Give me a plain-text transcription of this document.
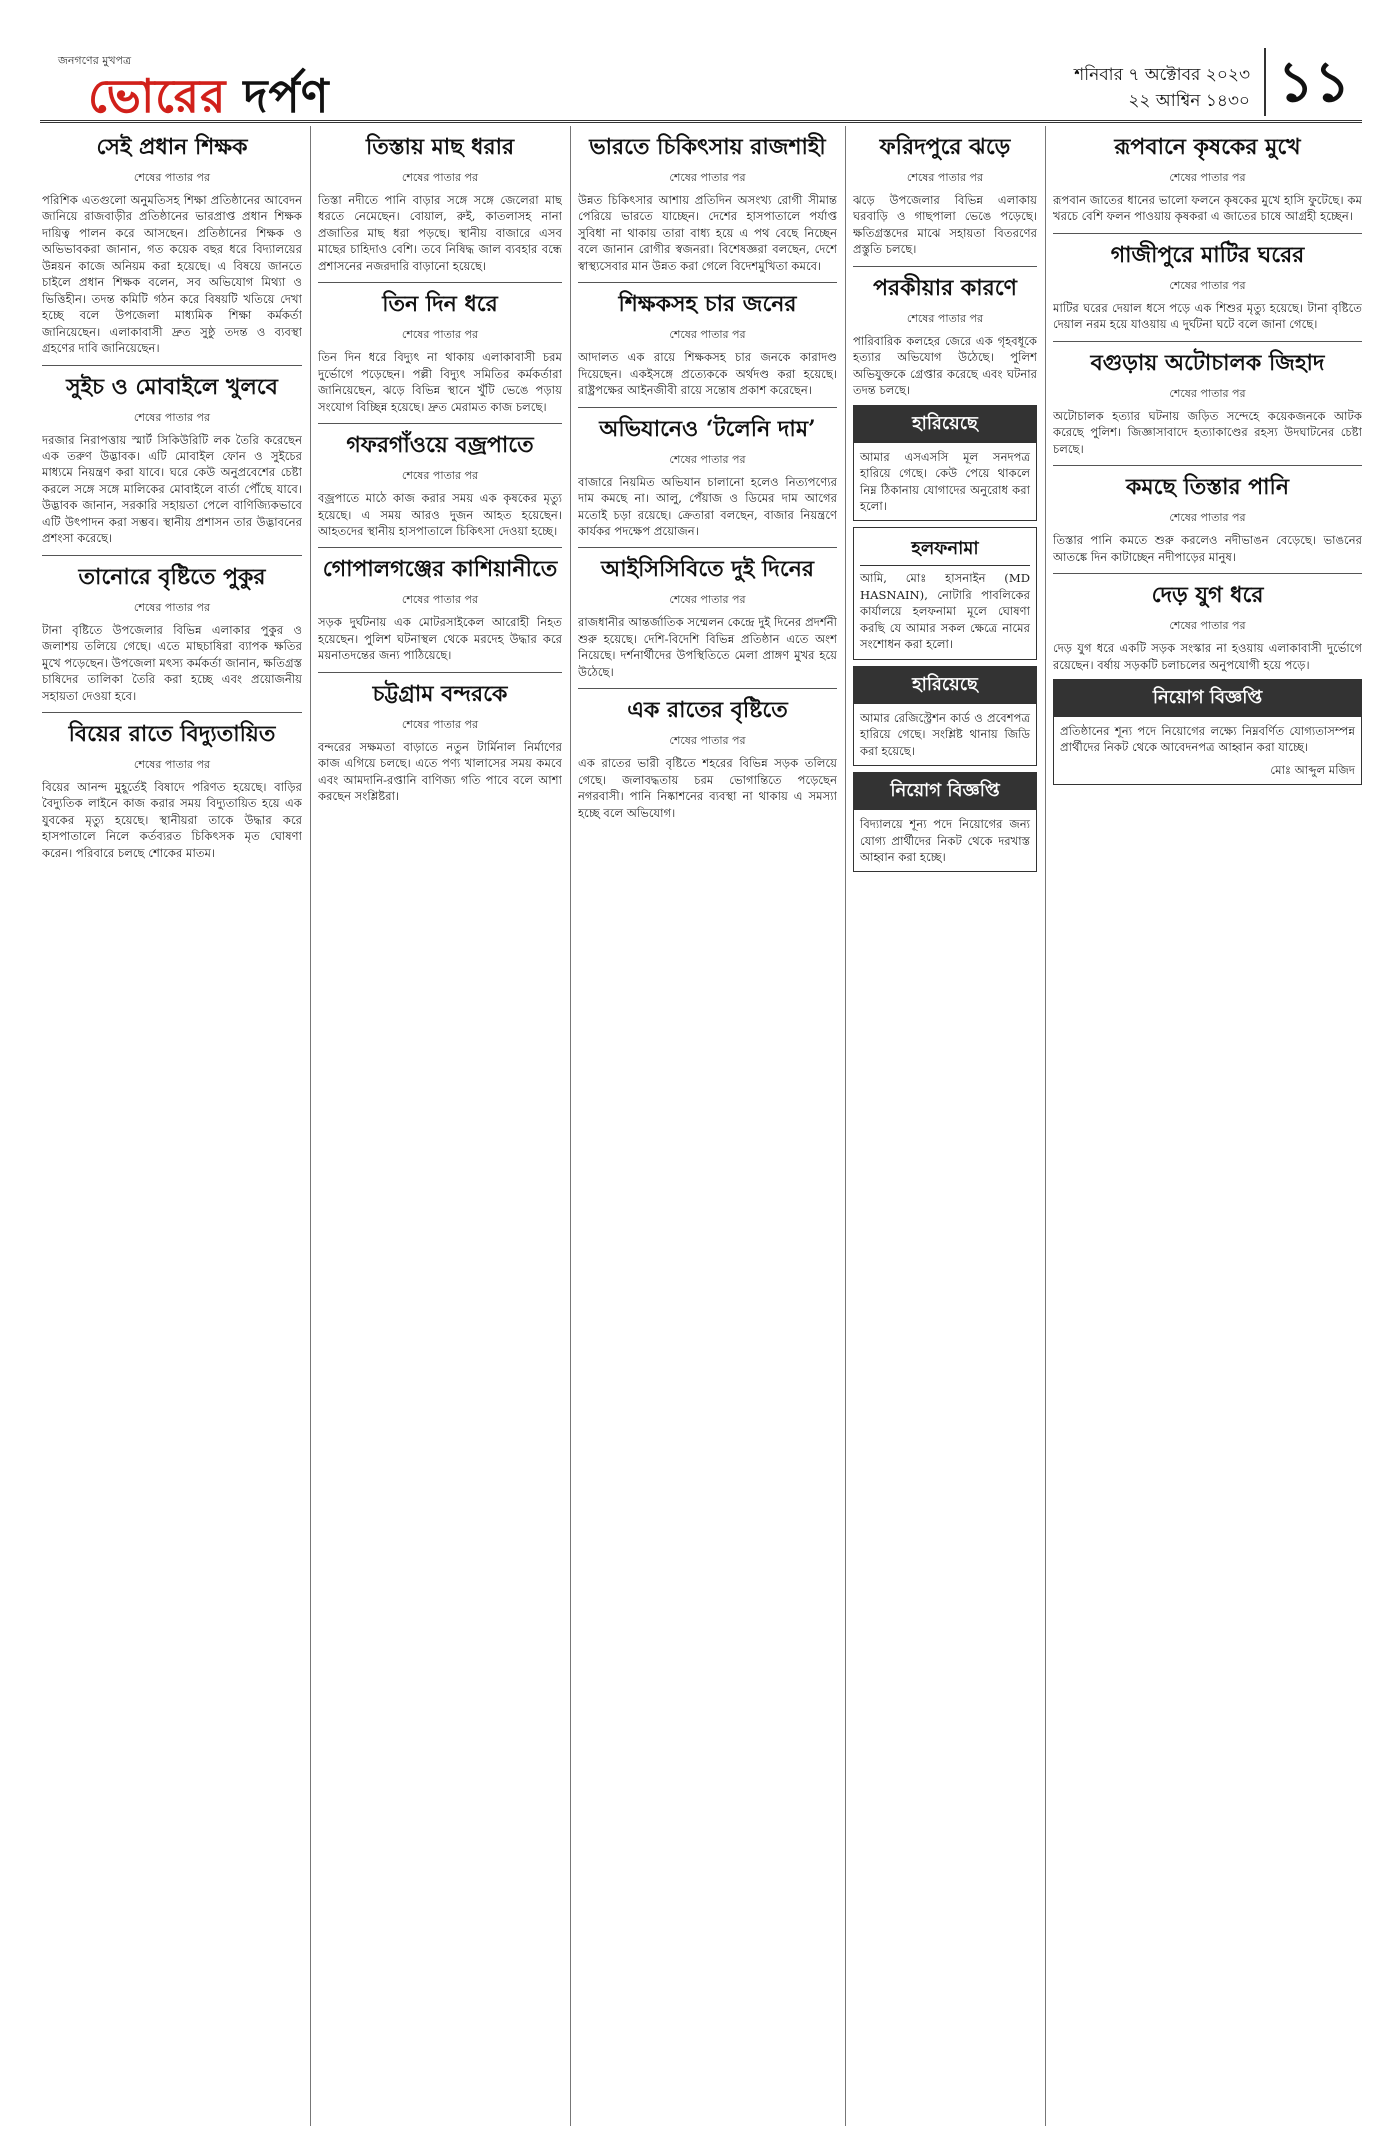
জনগণের মুখপত্র
ভোরের দর্পণ	শনিবার ৭ অক্টোবর ২০২৩
২২ আশ্বিন ১৪৩০ ১১
সেই প্রধান শিক্ষক
শেষের পাতার পর
পরিশিক এতগুলো অনুমতিসহ শিক্ষা প্রতিষ্ঠানের আবেদন জানিয়ে রাজবাড়ীর প্রতিষ্ঠানের ভারপ্রাপ্ত প্রধান শিক্ষক দায়িত্ব পালন করে আসছেন। প্রতিষ্ঠানের শিক্ষক ও অভিভাবকরা জানান, গত কয়েক বছর ধরে বিদ্যালয়ের উন্নয়ন কাজে অনিয়ম করা হয়েছে। এ বিষয়ে জানতে চাইলে প্রধান শিক্ষক বলেন, সব অভিযোগ মিথ্যা ও ভিত্তিহীন। তদন্ত কমিটি গঠন করে বিষয়টি খতিয়ে দেখা হচ্ছে বলে উপজেলা মাধ্যমিক শিক্ষা কর্মকর্তা জানিয়েছেন। এলাকাবাসী দ্রুত সুষ্ঠু তদন্ত ও ব্যবস্থা গ্রহণের দাবি জানিয়েছেন।
সুইচ ও মোবাইলে খুলবে
শেষের পাতার পর
দরজার নিরাপত্তায় স্মার্ট সিকিউরিটি লক তৈরি করেছেন এক তরুণ উদ্ভাবক। এটি মোবাইল ফোন ও সুইচের মাধ্যমে নিয়ন্ত্রণ করা যাবে। ঘরে কেউ অনুপ্রবেশের চেষ্টা করলে সঙ্গে সঙ্গে মালিকের মোবাইলে বার্তা পৌঁছে যাবে। উদ্ভাবক জানান, সরকারি সহায়তা পেলে বাণিজ্যিকভাবে এটি উৎপাদন করা সম্ভব। স্থানীয় প্রশাসন তার উদ্ভাবনের প্রশংসা করেছে।
তানোরে বৃষ্টিতে পুকুর
শেষের পাতার পর
টানা বৃষ্টিতে উপজেলার বিভিন্ন এলাকার পুকুর ও জলাশয় তলিয়ে গেছে। এতে মাছচাষিরা ব্যাপক ক্ষতির মুখে পড়েছেন। উপজেলা মৎস্য কর্মকর্তা জানান, ক্ষতিগ্রস্ত চাষিদের তালিকা তৈরি করা হচ্ছে এবং প্রয়োজনীয় সহায়তা দেওয়া হবে।
বিয়ের রাতে বিদ্যুতায়িত
শেষের পাতার পর
বিয়ের আনন্দ মুহূর্তেই বিষাদে পরিণত হয়েছে। বাড়ির বৈদ্যুতিক লাইনে কাজ করার সময় বিদ্যুতায়িত হয়ে এক যুবকের মৃত্যু হয়েছে। স্থানীয়রা তাকে উদ্ধার করে হাসপাতালে নিলে কর্তব্যরত চিকিৎসক মৃত ঘোষণা করেন। পরিবারে চলছে শোকের মাতম।
তিস্তায় মাছ ধরার
শেষের পাতার পর
তিস্তা নদীতে পানি বাড়ার সঙ্গে সঙ্গে জেলেরা মাছ ধরতে নেমেছেন। বোয়াল, রুই, কাতলাসহ নানা প্রজাতির মাছ ধরা পড়ছে। স্থানীয় বাজারে এসব মাছের চাহিদাও বেশি। তবে নিষিদ্ধ জাল ব্যবহার বন্ধে প্রশাসনের নজরদারি বাড়ানো হয়েছে।
তিন দিন ধরে
শেষের পাতার পর
তিন দিন ধরে বিদ্যুৎ না থাকায় এলাকাবাসী চরম দুর্ভোগে পড়েছেন। পল্লী বিদ্যুৎ সমিতির কর্মকর্তারা জানিয়েছেন, ঝড়ে বিভিন্ন স্থানে খুঁটি ভেঙে পড়ায় সংযোগ বিচ্ছিন্ন হয়েছে। দ্রুত মেরামত কাজ চলছে।
গফরগাঁওয়ে বজ্রপাতে
শেষের পাতার পর
বজ্রপাতে মাঠে কাজ করার সময় এক কৃষকের মৃত্যু হয়েছে। এ সময় আরও দুজন আহত হয়েছেন। আহতদের স্থানীয় হাসপাতালে চিকিৎসা দেওয়া হচ্ছে।
গোপালগঞ্জের কাশিয়ানীতে
শেষের পাতার পর
সড়ক দুর্ঘটনায় এক মোটরসাইকেল আরোহী নিহত হয়েছেন। পুলিশ ঘটনাস্থল থেকে মরদেহ উদ্ধার করে ময়নাতদন্তের জন্য পাঠিয়েছে।
চট্টগ্রাম বন্দরকে
শেষের পাতার পর
বন্দরের সক্ষমতা বাড়াতে নতুন টার্মিনাল নির্মাণের কাজ এগিয়ে চলছে। এতে পণ্য খালাসের সময় কমবে এবং আমদানি-রপ্তানি বাণিজ্য গতি পাবে বলে আশা করছেন সংশ্লিষ্টরা।
ভারতে চিকিৎসায় রাজশাহী
শেষের পাতার পর
উন্নত চিকিৎসার আশায় প্রতিদিন অসংখ্য রোগী সীমান্ত পেরিয়ে ভারতে যাচ্ছেন। দেশের হাসপাতালে পর্যাপ্ত সুবিধা না থাকায় তারা বাধ্য হয়ে এ পথ বেছে নিচ্ছেন বলে জানান রোগীর স্বজনরা। বিশেষজ্ঞরা বলছেন, দেশে স্বাস্থ্যসেবার মান উন্নত করা গেলে বিদেশমুখিতা কমবে।
শিক্ষকসহ চার জনের
শেষের পাতার পর
আদালত এক রায়ে শিক্ষকসহ চার জনকে কারাদণ্ড দিয়েছেন। একইসঙ্গে প্রত্যেককে অর্থদণ্ড করা হয়েছে। রাষ্ট্রপক্ষের আইনজীবী রায়ে সন্তোষ প্রকাশ করেছেন।
অভিযানেও ‘টলেনি দাম’
শেষের পাতার পর
বাজারে নিয়মিত অভিযান চালানো হলেও নিত্যপণ্যের দাম কমছে না। আলু, পেঁয়াজ ও ডিমের দাম আগের মতোই চড়া রয়েছে। ক্রেতারা বলছেন, বাজার নিয়ন্ত্রণে কার্যকর পদক্ষেপ প্রয়োজন।
আইসিসিবিতে দুই দিনের
শেষের পাতার পর
রাজধানীর আন্তর্জাতিক সম্মেলন কেন্দ্রে দুই দিনের প্রদর্শনী শুরু হয়েছে। দেশি-বিদেশি বিভিন্ন প্রতিষ্ঠান এতে অংশ নিয়েছে। দর্শনার্থীদের উপস্থিতিতে মেলা প্রাঙ্গণ মুখর হয়ে উঠেছে।
এক রাতের বৃষ্টিতে
শেষের পাতার পর
এক রাতের ভারী বৃষ্টিতে শহরের বিভিন্ন সড়ক তলিয়ে গেছে। জলাবদ্ধতায় চরম ভোগান্তিতে পড়েছেন নগরবাসী। পানি নিষ্কাশনের ব্যবস্থা না থাকায় এ সমস্যা হচ্ছে বলে অভিযোগ।
ফরিদপুরে ঝড়ে
শেষের পাতার পর
ঝড়ে উপজেলার বিভিন্ন এলাকায় ঘরবাড়ি ও গাছপালা ভেঙে পড়েছে। ক্ষতিগ্রস্তদের মাঝে সহায়তা বিতরণের প্রস্তুতি চলছে।
পরকীয়ার কারণে
শেষের পাতার পর
পারিবারিক কলহের জেরে এক গৃহবধূকে হত্যার অভিযোগ উঠেছে। পুলিশ অভিযুক্তকে গ্রেপ্তার করেছে এবং ঘটনার তদন্ত চলছে।
হারিয়েছে
আমার এসএসসি মূল সনদপত্র হারিয়ে গেছে। কেউ পেয়ে থাকলে নিম্ন ঠিকানায় যোগাদের অনুরোধ করা হলো।
হলফনামা
আমি, মোঃ হাসনাইন (MD HASNAIN), নোটারি পাবলিকের কার্যালয়ে হলফনামা মূলে ঘোষণা করছি যে আমার সকল ক্ষেত্রে নামের সংশোধন করা হলো।
হারিয়েছে
আমার রেজিস্ট্রেশন কার্ড ও প্রবেশপত্র হারিয়ে গেছে। সংশ্লিষ্ট থানায় জিডি করা হয়েছে।
নিয়োগ বিজ্ঞপ্তি
বিদ্যালয়ে শূন্য পদে নিয়োগের জন্য যোগ্য প্রার্থীদের নিকট থেকে দরখাস্ত আহ্বান করা হচ্ছে।
রূপবানে কৃষকের মুখে
শেষের পাতার পর
রূপবান জাতের ধানের ভালো ফলনে কৃষকের মুখে হাসি ফুটেছে। কম খরচে বেশি ফলন পাওয়ায় কৃষকরা এ জাতের চাষে আগ্রহী হচ্ছেন।
গাজীপুরে মাটির ঘরের
শেষের পাতার পর
মাটির ঘরের দেয়াল ধসে পড়ে এক শিশুর মৃত্যু হয়েছে। টানা বৃষ্টিতে দেয়াল নরম হয়ে যাওয়ায় এ দুর্ঘটনা ঘটে বলে জানা গেছে।
বগুড়ায় অটোচালক জিহাদ
শেষের পাতার পর
অটোচালক হত্যার ঘটনায় জড়িত সন্দেহে কয়েকজনকে আটক করেছে পুলিশ। জিজ্ঞাসাবাদে হত্যাকাণ্ডের রহস্য উদঘাটনের চেষ্টা চলছে।
কমছে তিস্তার পানি
শেষের পাতার পর
তিস্তার পানি কমতে শুরু করলেও নদীভাঙন বেড়েছে। ভাঙনের আতঙ্কে দিন কাটাচ্ছেন নদীপাড়ের মানুষ।
দেড় যুগ ধরে
শেষের পাতার পর
দেড় যুগ ধরে একটি সড়ক সংস্কার না হওয়ায় এলাকাবাসী দুর্ভোগে রয়েছেন। বর্ষায় সড়কটি চলাচলের অনুপযোগী হয়ে পড়ে।
নিয়োগ বিজ্ঞপ্তি
প্রতিষ্ঠানের শূন্য পদে নিয়োগের লক্ষ্যে নিম্নবর্ণিত যোগ্যতাসম্পন্ন প্রার্থীদের নিকট থেকে আবেদনপত্র আহ্বান করা যাচ্ছে।
মোঃ আব্দুল মজিদ
